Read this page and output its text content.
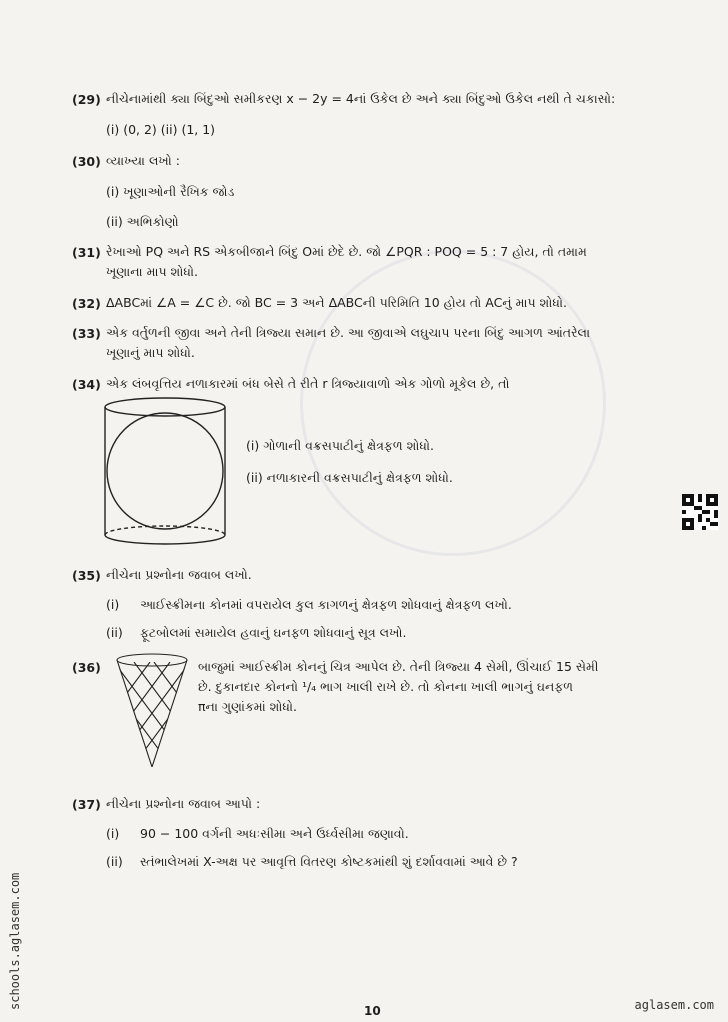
(29) નીચેનામાંથી ક્યા બિંદુઓ સમીકરણ x − 2y = 4નાં ઉકેલ છે અને ક્યા બિંદુઓ ઉકેલ નથી તે ચકાસો:
(i) (0, 2) (ii) (1, 1)
(30) વ્યાખ્યા લખો :
(i) ખૂણાઓની રૈખિક જોડ
(ii) અભિકોણો
(31) રેખાઓ PQ અને RS એકબીજાને બિંદુ Oમાં છેદે છે. જો ∠PQR : POQ = 5 : 7 હોય, તો તમામ
ખૂણાના માપ શોધો.
(32) ΔABCમાં ∠A = ∠C છે. જો BC = 3 અને ΔABCની પરિમિતિ 10 હોય તો ACનું માપ શોધો.
(33) એક વર્તુળની જીવા અને તેની ત્રિજ્યા સમાન છે. આ જીવાએ લઘુચાપ પરના બિંદુ આગળ આંતરેલા
ખૂણાનું માપ શોધો.
(34) એક લંબવૃત્તિય નળાકારમાં બંધ બેસે તે રીતે r ત્રિજ્યાવાળો એક ગોળો મૂકેલ છે, તો
(i) ગોળાની વક્રસપાટીનું ક્ષેત્રફળ શોધો.
(ii) નળાકારની વક્રસપાટીનું ક્ષેત્રફળ શોધો.
(35) નીચેના પ્રશ્નોના જવાબ લખો.
(i) આઈસ્ક્રીમના કોનમાં વપરાયેલ કુલ કાગળનું ક્ષેત્રફળ શોધવાનું ક્ષેત્રફળ લખો.
(ii) ફૂટબોલમાં સમાયેલ હવાનું ઘનફળ શોધવાનું સૂત્ર લખો.
(36)	બાજુમાં આઈસ્ક્રીમ કોનનું ચિત્ર આપેલ છે. તેની ત્રિજ્યા 4 સેમી, ઊંચાઈ 15 સેમી
છે. દુકાનદાર કોનનો ¹/₄ ભાગ ખાલી રાખે છે. તો કોનના ખાલી ભાગનું ઘનફળ
πના ગુણાંકમાં શોધો.
(37) નીચેના પ્રશ્નોના જવાબ આપો :
(i) 90 − 100 વર્ગની અધઃસીમા અને ઉર્ધ્વસીમા જણાવો.
(ii) સ્તંભાલેખમાં X-અક્ષ પર આવૃત્તિ વિતરણ કોષ્ટકમાંથી શું દર્શાવવામાં આવે છે ?
schools.aglasem.com
10	aglasem.com
